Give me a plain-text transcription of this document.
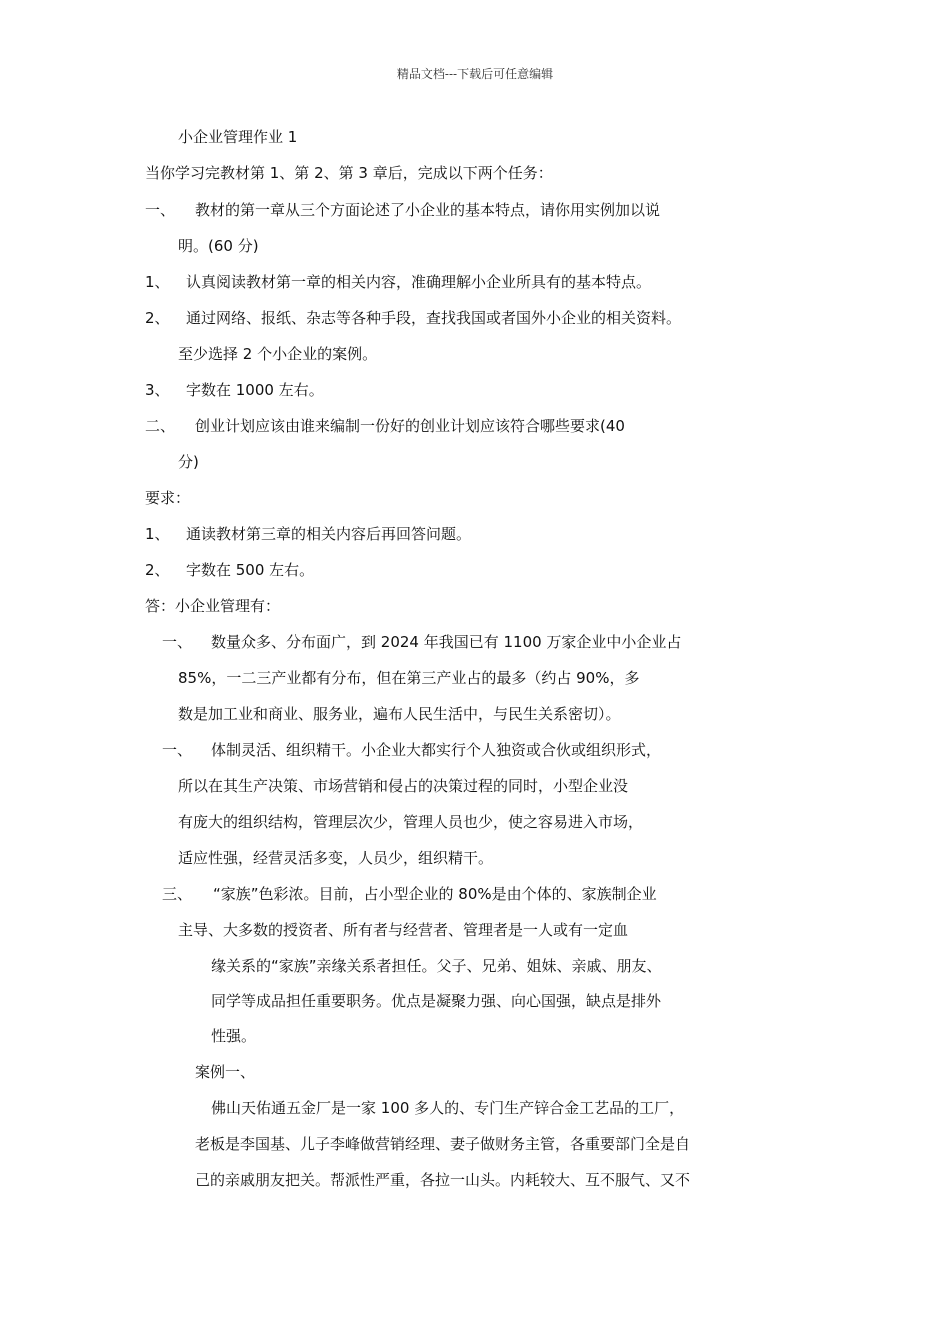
精品文档---下载后可任意编辑
小企业管理作业 1
当你学习完教材第 1、第 2、第 3 章后，完成以下两个任务：
一、 教材的第一章从三个方面论述了小企业的基本特点，请你用实例加以说
明。(60 分)
1、 认真阅读教材第一章的相关内容，准确理解小企业所具有的基本特点。
2、 通过网络、报纸、杂志等各种手段，查找我国或者国外小企业的相关资料。
至少选择 2 个小企业的案例。
3、 字数在 1000 左右。
二、 创业计划应该由谁来编制一份好的创业计划应该符合哪些要求(40
分)
要求：
1、 通读教材第三章的相关内容后再回答问题。
2、 字数在 500 左右。
答：小企业管理有：
一、 数量众多、分布面广，到 2024 年我国已有 1100 万家企业中小企业占
85%，一二三产业都有分布，但在第三产业占的最多（约占 90%，多
数是加工业和商业、服务业，遍布人民生活中，与民生关系密切）。
一、 体制灵活、组织精干。小企业大都实行个人独资或合伙或组织形式，
所以在其生产决策、市场营销和侵占的决策过程的同时，小型企业没
有庞大的组织结构，管理层次少，管理人员也少，使之容易进入市场，
适应性强，经营灵活多变，人员少，组织精干。
三、 “家族”色彩浓。目前，占小型企业的 80%是由个体的、家族制企业
主导、大多数的授资者、所有者与经营者、管理者是一人或有一定血
缘关系的“家族”亲缘关系者担任。父子、兄弟、姐妹、亲戚、朋友、
同学等成品担任重要职务。优点是凝聚力强、向心国强，缺点是排外
性强。
案例一、
佛山天佑通五金厂是一家 100 多人的、专门生产锌合金工艺品的工厂，
老板是李国基、儿子李峰做营销经理、妻子做财务主管，各重要部门全是自
己的亲戚朋友把关。帮派性严重，各拉一山头。内耗较大、互不服气、又不
